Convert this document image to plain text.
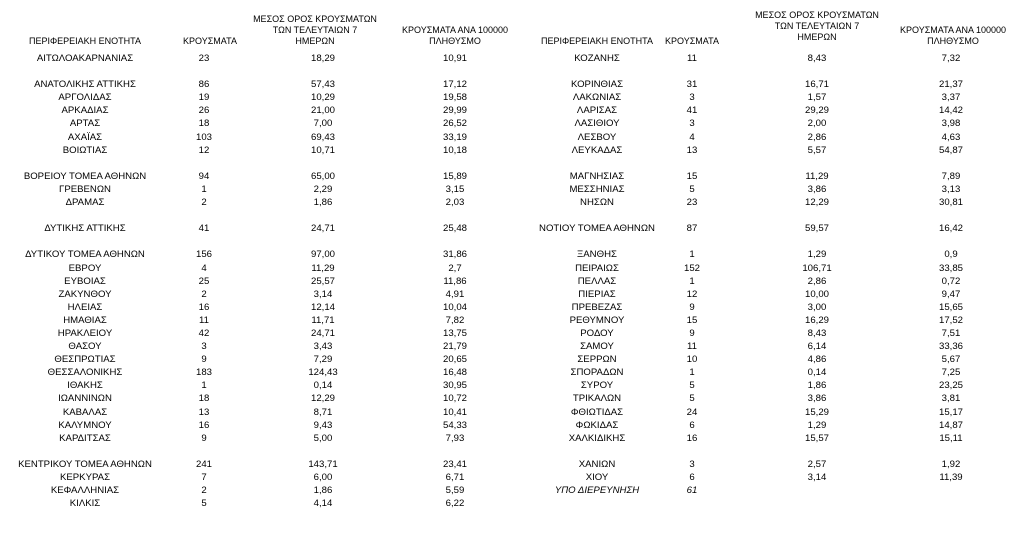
ΠΕΡΙΦΕΡΕΙΑΚΗ ΕΝΟΤΗΤΑ	ΚΡΟΥΣΜΑΤΑ
ΜΕΣΟΣ ΟΡΟΣ ΚΡΟΥΣΜΑΤΩΝ
ΤΩΝ ΤΕΛΕΥΤΑΙΩΝ 7
ΗΜΕΡΩΝ
ΚΡΟΥΣΜΑΤΑ ΑΝΑ 100000
ΠΛΗΘΥΣΜΟ
ΑΙΤΩΛΟΑΚΑΡΝΑΝΙΑΣ	23	18,29	10,91
ΑΝΑΤΟΛΙΚΗΣ ΑΤΤΙΚΗΣ	86	57,43	17,12
ΑΡΓΟΛΙΔΑΣ	19	10,29	19,58
ΑΡΚΑΔΙΑΣ	26	21,00	29,99
ΑΡΤΑΣ	18	7,00	26,52
ΑΧΑΪΑΣ	103	69,43	33,19
ΒΟΙΩΤΙΑΣ	12	10,71	10,18
ΒΟΡΕΙΟΥ ΤΟΜΕΑ ΑΘΗΝΩΝ	94	65,00	15,89
ΓΡΕΒΕΝΩΝ	1	2,29	3,15
ΔΡΑΜΑΣ	2	1,86	2,03
ΔΥΤΙΚΗΣ ΑΤΤΙΚΗΣ	41	24,71	25,48
ΔΥΤΙΚΟΥ ΤΟΜΕΑ ΑΘΗΝΩΝ	156	97,00	31,86
ΕΒΡΟΥ	4	11,29	2,7
ΕΥΒΟΙΑΣ	25	25,57	11,86
ΖΑΚΥΝΘΟΥ	2	3,14	4,91
ΗΛΕΙΑΣ	16	12,14	10,04
ΗΜΑΘΙΑΣ	11	11,71	7,82
ΗΡΑΚΛΕΙΟΥ	42	24,71	13,75
ΘΑΣΟΥ	3	3,43	21,79
ΘΕΣΠΡΩΤΙΑΣ	9	7,29	20,65
ΘΕΣΣΑΛΟΝΙΚΗΣ	183	124,43	16,48
ΙΘΑΚΗΣ	1	0,14	30,95
ΙΩΑΝΝΙΝΩΝ	18	12,29	10,72
ΚΑΒΑΛΑΣ	13	8,71	10,41
ΚΑΛΥΜΝΟΥ	16	9,43	54,33
ΚΑΡΔΙΤΣΑΣ	9	5,00	7,93
ΚΕΝΤΡΙΚΟΥ ΤΟΜΕΑ ΑΘΗΝΩΝ	241	143,71	23,41
ΚΕΡΚΥΡΑΣ	7	6,00	6,71
ΚΕΦΑΛΛΗΝΙΑΣ	2	1,86	5,59
ΚΙΛΚΙΣ	5	4,14	6,22
ΠΕΡΙΦΕΡΕΙΑΚΗ ΕΝΟΤΗΤΑ	ΚΡΟΥΣΜΑΤΑ
ΜΕΣΟΣ ΟΡΟΣ ΚΡΟΥΣΜΑΤΩΝ
ΤΩΝ ΤΕΛΕΥΤΑΙΩΝ 7
ΗΜΕΡΩΝ
ΚΡΟΥΣΜΑΤΑ ΑΝΑ 100000
ΠΛΗΘΥΣΜΟ
ΚΟΖΑΝΗΣ	11	8,43	7,32
ΚΟΡΙΝΘΙΑΣ	31	16,71	21,37
ΛΑΚΩΝΙΑΣ	3	1,57	3,37
ΛΑΡΙΣΑΣ	41	29,29	14,42
ΛΑΣΙΘΙΟΥ	3	2,00	3,98
ΛΕΣΒΟΥ	4	2,86	4,63
ΛΕΥΚΑΔΑΣ	13	5,57	54,87
ΜΑΓΝΗΣΙΑΣ	15	11,29	7,89
ΜΕΣΣΗΝΙΑΣ	5	3,86	3,13
ΝΗΣΩΝ	23	12,29	30,81
ΝΟΤΙΟΥ ΤΟΜΕΑ ΑΘΗΝΩΝ	87	59,57	16,42
ΞΑΝΘΗΣ	1	1,29	0,9
ΠΕΙΡΑΙΩΣ	152	106,71	33,85
ΠΕΛΛΑΣ	1	2,86	0,72
ΠΙΕΡΙΑΣ	12	10,00	9,47
ΠΡΕΒΕΖΑΣ	9	3,00	15,65
ΡΕΘΥΜΝΟΥ	15	16,29	17,52
ΡΟΔΟΥ	9	8,43	7,51
ΣΑΜΟΥ	11	6,14	33,36
ΣΕΡΡΩΝ	10	4,86	5,67
ΣΠΟΡΑΔΩΝ	1	0,14	7,25
ΣΥΡΟΥ	5	1,86	23,25
ΤΡΙΚΑΛΩΝ	5	3,86	3,81
ΦΘΙΩΤΙΔΑΣ	24	15,29	15,17
ΦΩΚΙΔΑΣ	6	1,29	14,87
ΧΑΛΚΙΔΙΚΗΣ	16	15,57	15,11
ΧΑΝΙΩΝ	3	2,57	1,92
ΧΙΟΥ	6	3,14	11,39
ΥΠΟ ΔΙΕΡΕΥΝΗΣΗ	61
